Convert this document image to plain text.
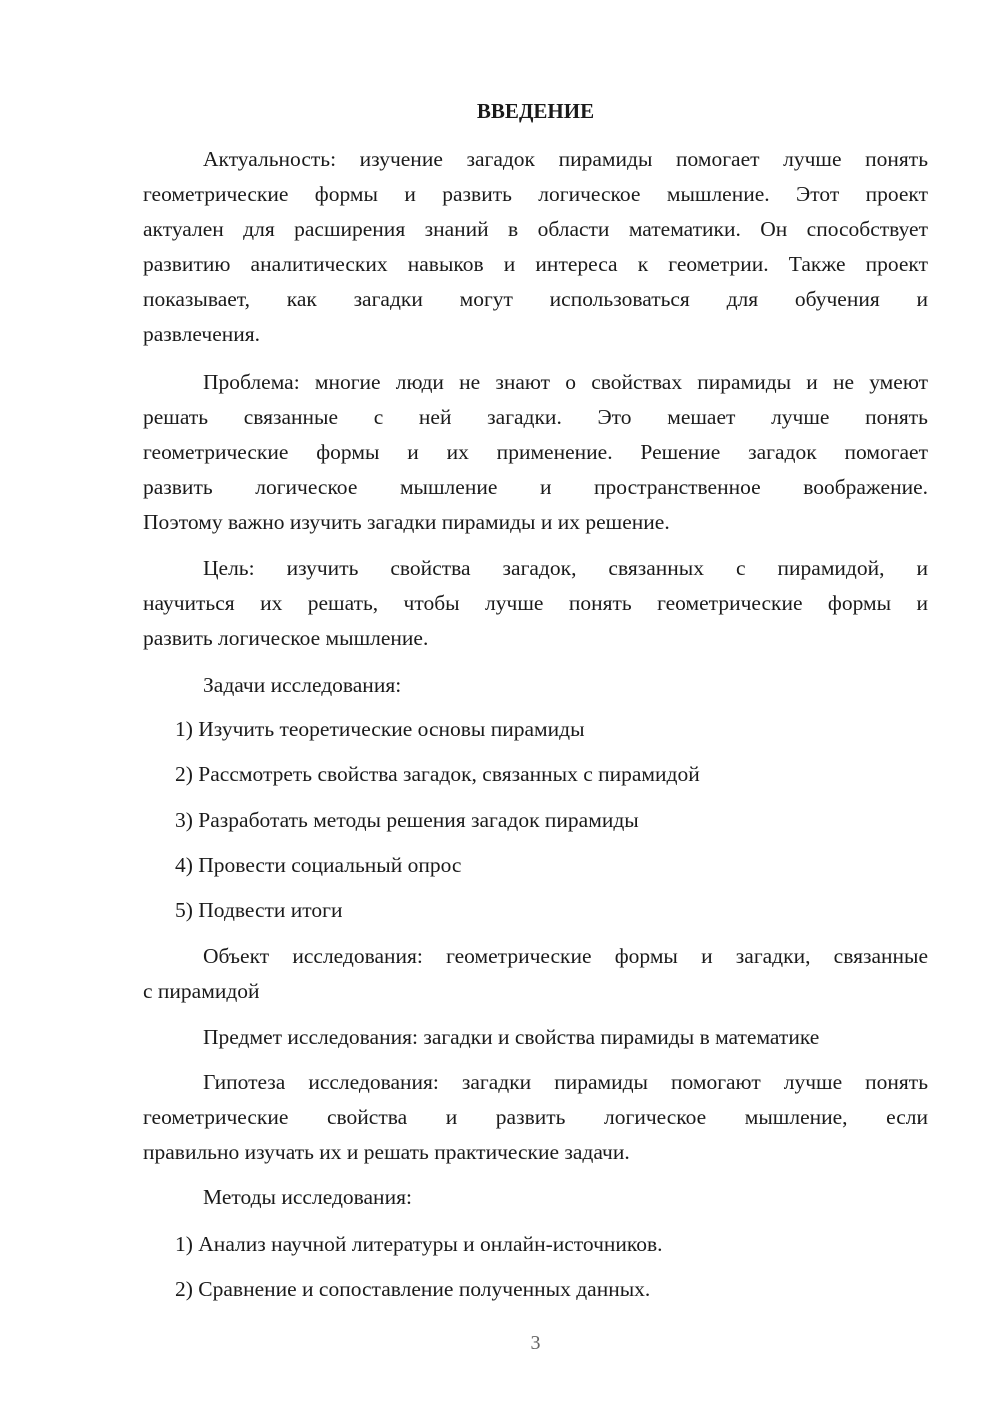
ВВЕДЕНИЕ
Актуальность: изучение загадок пирамиды помогает лучше понять
геометрические формы и развить логическое мышление. Этот проект
актуален для расширения знаний в области математики. Он способствует
развитию аналитических навыков и интереса к геометрии. Также проект
показывает, как загадки могут использоваться для обучения и
развлечения.
Проблема: многие люди не знают о свойствах пирамиды и не умеют
решать связанные с ней загадки. Это мешает лучше понять
геометрические формы и их применение. Решение загадок помогает
развить логическое мышление и пространственное воображение.
Поэтому важно изучить загадки пирамиды и их решение.
Цель: изучить свойства загадок, связанных с пирамидой, и
научиться их решать, чтобы лучше понять геометрические формы и
развить логическое мышление.
Задачи исследования:
1) Изучить теоретические основы пирамиды
2) Рассмотреть свойства загадок, связанных с пирамидой
3) Разработать методы решения загадок пирамиды
4) Провести социальный опрос
5) Подвести итоги
Объект исследования: геометрические формы и загадки, связанные
с пирамидой
Предмет исследования: загадки и свойства пирамиды в математике
Гипотеза исследования: загадки пирамиды помогают лучше понять
геометрические свойства и развить логическое мышление, если
правильно изучать их и решать практические задачи.
Методы исследования:
1) Анализ научной литературы и онлайн-источников.
2) Сравнение и сопоставление полученных данных.
3
